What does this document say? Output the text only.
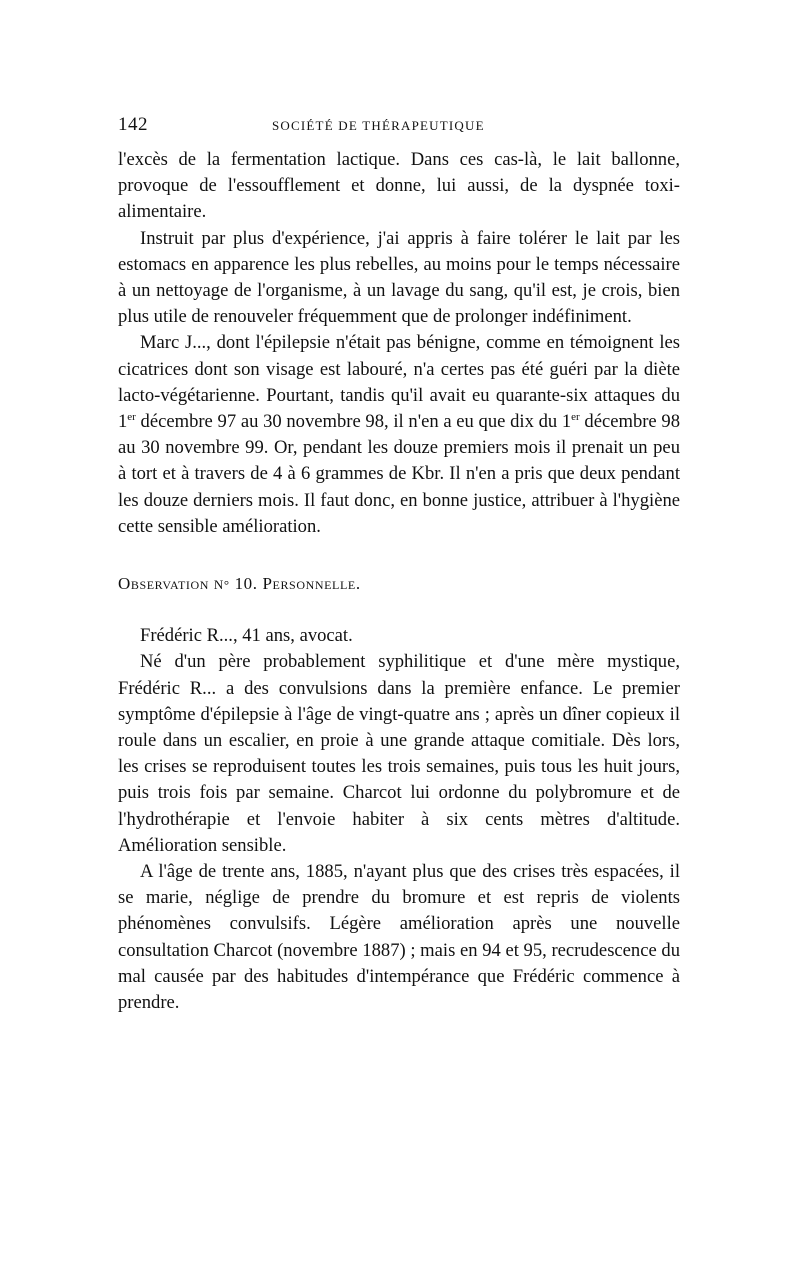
142	SOCIÉTÉ DE THÉRAPEUTIQUE

l'excès de la fermentation lactique. Dans ces cas-là, le lait ballonne, provoque de l'essoufflement et donne, lui aussi, de la dyspnée toxi-alimentaire.

Instruit par plus d'expérience, j'ai appris à faire tolérer le lait par les estomacs en apparence les plus rebelles, au moins pour le temps nécessaire à un nettoyage de l'organisme, à un lavage du sang, qu'il est, je crois, bien plus utile de renouveler fréquemment que de prolonger indéfiniment.

Marc J..., dont l'épilepsie n'était pas bénigne, comme en témoignent les cicatrices dont son visage est labouré, n'a certes pas été guéri par la diète lacto-végétarienne. Pourtant, tandis qu'il avait eu quarante-six attaques du 1er décembre 97 au 30 novembre 98, il n'en a eu que dix du 1er décembre 98 au 30 novembre 99. Or, pendant les douze premiers mois il prenait un peu à tort et à travers de 4 à 6 grammes de Kbr. Il n'en a pris que deux pendant les douze derniers mois. Il faut donc, en bonne justice, attribuer à l'hygiène cette sensible amélioration.

Observation N° 10. Personnelle.

Frédéric R..., 41 ans, avocat.

Né d'un père probablement syphilitique et d'une mère mystique, Frédéric R... a des convulsions dans la première enfance. Le premier symptôme d'épilepsie à l'âge de vingt-quatre ans ; après un dîner copieux il roule dans un escalier, en proie à une grande attaque comitiale. Dès lors, les crises se reproduisent toutes les trois semaines, puis tous les huit jours, puis trois fois par semaine. Charcot lui ordonne du polybromure et de l'hydrothérapie et l'envoie habiter à six cents mètres d'altitude. Amélioration sensible.

A l'âge de trente ans, 1885, n'ayant plus que des crises très espacées, il se marie, néglige de prendre du bromure et est repris de violents phénomènes convulsifs. Légère amélioration après une nouvelle consultation Charcot (novembre 1887) ; mais en 94 et 95, recrudescence du mal causée par des habitudes d'intempérance que Frédéric commence à prendre.
